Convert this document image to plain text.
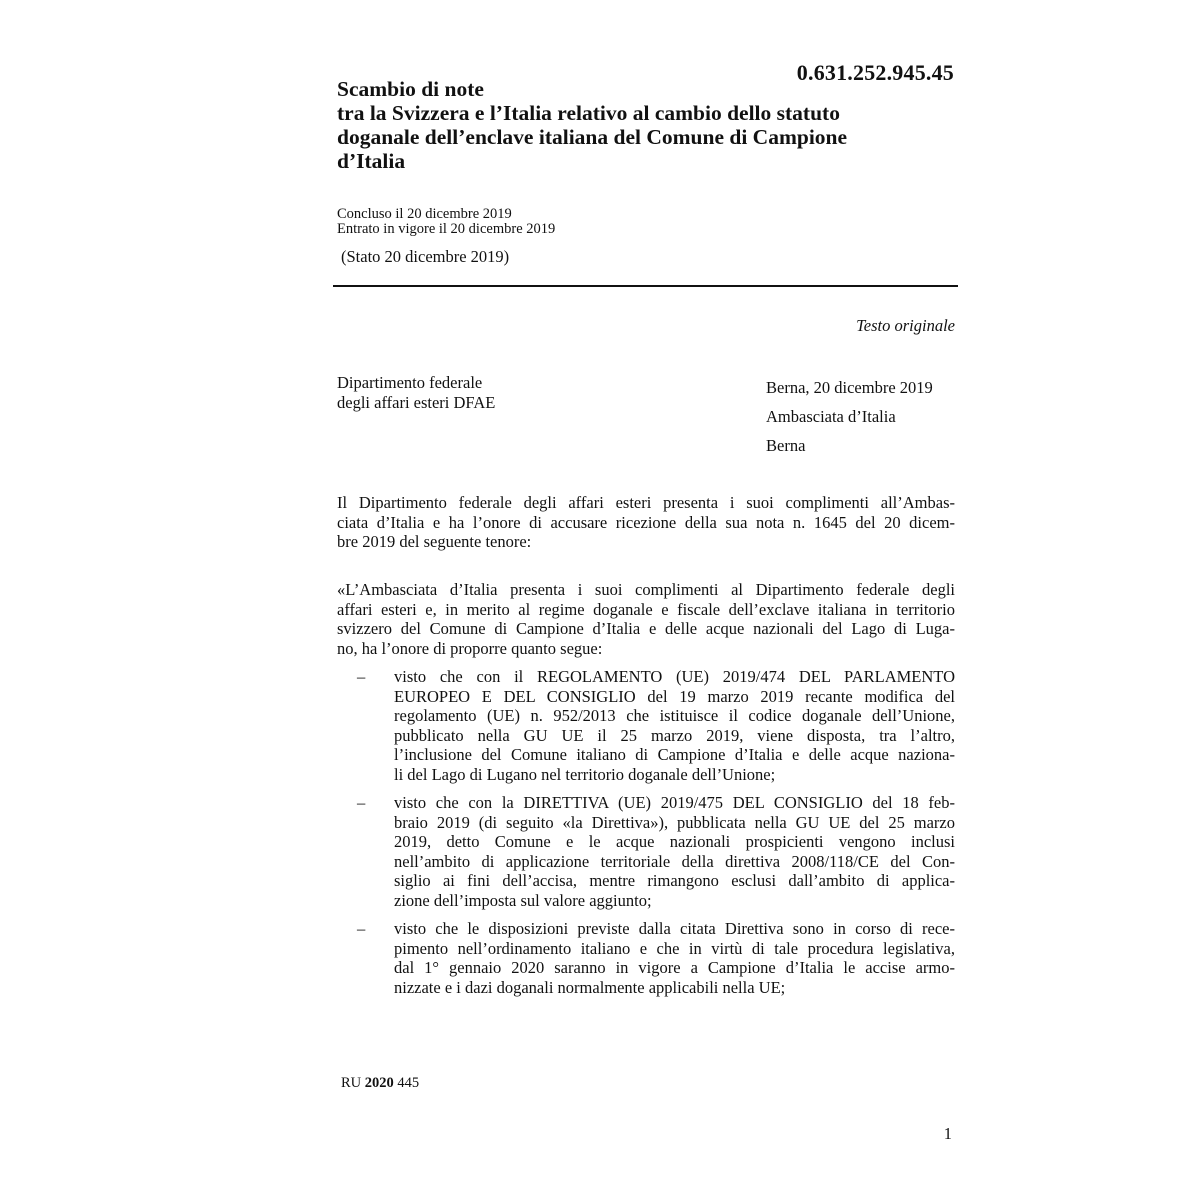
0.631.252.945.45
Scambio di note
tra la Svizzera e l’Italia relativo al cambio dello statuto
doganale dell’enclave italiana del Comune di Campione
d’Italia
Concluso il 20 dicembre 2019
Entrato in vigore il 20 dicembre 2019
(Stato 20 dicembre 2019)
Testo originale
Dipartimento federale
degli affari esteri DFAE
Berna, 20 dicembre 2019
Ambasciata d’Italia
Berna
Il Dipartimento federale degli affari esteri presenta i suoi complimenti all’Ambas-
ciata d’Italia e ha l’onore di accusare ricezione della sua nota n. 1645 del 20 dicem-
bre 2019 del seguente tenore:
«L’Ambasciata d’Italia presenta i suoi complimenti al Dipartimento federale degli
affari esteri e, in merito al regime doganale e fiscale dell’exclave italiana in territorio
svizzero del Comune di Campione d’Italia e delle acque nazionali del Lago di Luga-
no, ha l’onore di proporre quanto segue:
– visto che con il REGOLAMENTO (UE) 2019/474 DEL PARLAMENTO
EUROPEO E DEL CONSIGLIO del 19 marzo 2019 recante modifica del
regolamento (UE) n. 952/2013 che istituisce il codice doganale dell’Unione,
pubblicato nella GU UE il 25 marzo 2019, viene disposta, tra l’altro,
l’inclusione del Comune italiano di Campione d’Italia e delle acque naziona-
li del Lago di Lugano nel territorio doganale dell’Unione;
– visto che con la DIRETTIVA (UE) 2019/475 DEL CONSIGLIO del 18 feb-
braio 2019 (di seguito «la Direttiva»), pubblicata nella GU UE del 25 marzo
2019, detto Comune e le acque nazionali prospicienti vengono inclusi
nell’ambito di applicazione territoriale della direttiva 2008/118/CE del Con-
siglio ai fini dell’accisa, mentre rimangono esclusi dall’ambito di applica-
zione dell’imposta sul valore aggiunto;
– visto che le disposizioni previste dalla citata Direttiva sono in corso di rece-
pimento nell’ordinamento italiano e che in virtù di tale procedura legislativa,
dal 1° gennaio 2020 saranno in vigore a Campione d’Italia le accise armo-
nizzate e i dazi doganali normalmente applicabili nella UE;
RU 2020 445
1
